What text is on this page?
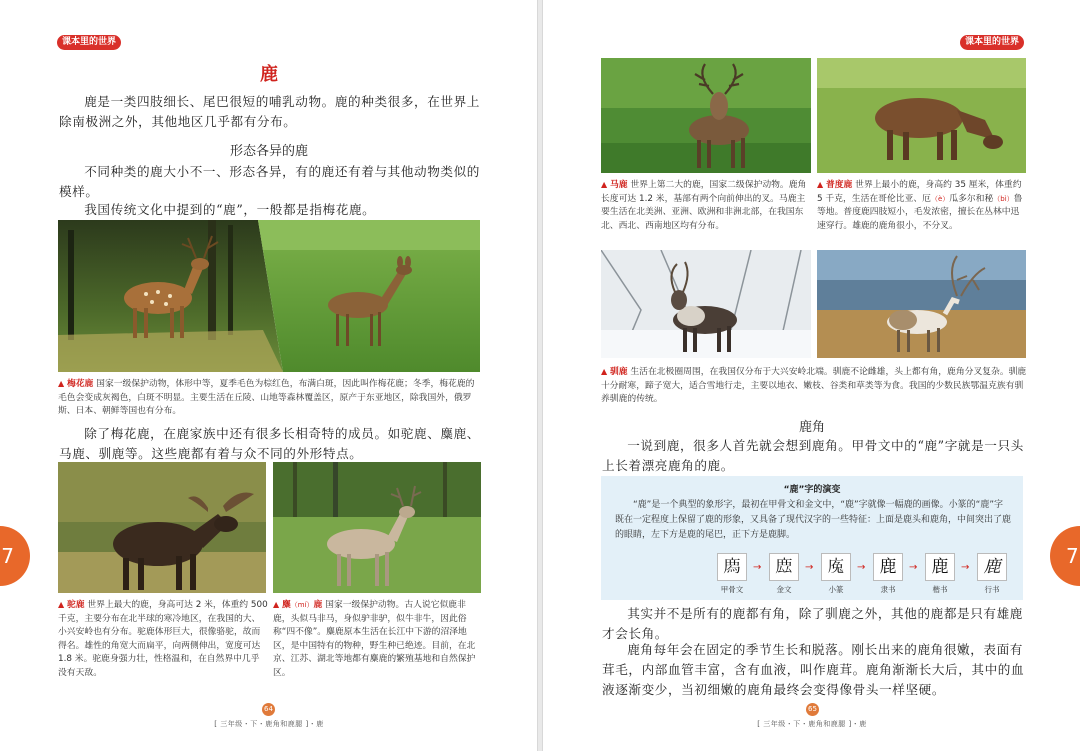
课本里的世界
鹿
鹿是一类四肢细长、尾巴很短的哺乳动物。鹿的种类很多，在世界上除南极洲之外，其他地区几乎都有分布。
形态各异的鹿
不同种类的鹿大小不一、形态各异，有的鹿还有着与其他动物类似的模样。
我国传统文化中提到的“鹿”，一般都是指梅花鹿。
▲ 梅花鹿 国家一级保护动物，体形中等，夏季毛色为棕红色，布满白斑，因此叫作梅花鹿；冬季，梅花鹿的毛色会变成灰褐色，白斑不明显。主要生活在丘陵、山地等森林覆盖区，原产于东亚地区，除我国外，俄罗斯、日本、朝鲜等国也有分布。
除了梅花鹿，在鹿家族中还有很多长相奇特的成员。如驼鹿、麋鹿、马鹿、驯鹿等。这些鹿都有着与众不同的外形特点。
▲ 驼鹿 世界上最大的鹿，身高可达 2 米，体重约 500 千克，主要分布在北半球的寒冷地区，在我国的大、小兴安岭也有分布。驼鹿体形巨大，很像骆驼，故而得名。雄性的角宽大而扁平，向两侧伸出，宽度可达 1.8 米。驼鹿身强力壮，性格温和，在自然界中几乎没有天敌。
▲ 麋（mí）鹿 国家一级保护动物。古人说它似鹿非鹿，头似马非马，身似驴非驴，似牛非牛，因此俗称“四不像”。麋鹿原本生活在长江中下游的沼泽地区，是中国特有的物种，野生种已绝迹。目前，在北京、江苏、湖北等地都有麋鹿的繁殖基地和自然保护区。
64
[ 三年级・下・鹿角和鹿腿 ]・鹿
7
课本里的世界
▲ 马鹿 世界上第二大的鹿，国家二级保护动物。鹿角长度可达 1.2 米，基部有两个向前伸出的叉。马鹿主要生活在北美洲、亚洲、欧洲和非洲北部，在我国东北、西北、西南地区均有分布。
▲ 普度鹿 世界上最小的鹿，身高约 35 厘米，体重约 5 千克，生活在哥伦比亚、厄（è）瓜多尔和秘（bì）鲁等地。普度鹿四肢短小，毛发浓密，擅长在丛林中迅速穿行。雄鹿的鹿角很小，不分叉。
▲ 驯鹿 生活在北极圈周围，在我国仅分布于大兴安岭北端。驯鹿不论雌雄，头上都有角，鹿角分叉复杂。驯鹿十分耐寒，蹄子宽大，适合雪地行走，主要以地衣、嫩枝、谷类和草类等为食。我国的少数民族鄂温克族有驯养驯鹿的传统。
鹿角
一说到鹿，很多人首先就会想到鹿角。甲骨文中的“鹿”字就是一只头上长着漂亮鹿角的鹿。
“鹿”字的演变
“鹿”是一个典型的象形字，最初在甲骨文和金文中，“鹿”字就像一幅鹿的画像。小篆的“鹿”字既在一定程度上保留了鹿的形象，又具备了现代汉字的一些特征：上面是鹿头和鹿角，中间突出了鹿的眼睛，左下方是鹿的尾巴，正下方是鹿脚。
𢊁
甲骨文
→ 𢉖
金文
→ 𢉕
小篆
→ 鹿
隶书
→ 鹿
楷书
→ 鹿
行书
其实并不是所有的鹿都有角，除了驯鹿之外，其他的鹿都是只有雄鹿才会长角。
鹿角每年会在固定的季节生长和脱落。刚长出来的鹿角很嫩，表面有茸毛，内部血管丰富，含有血液，叫作鹿茸。鹿角渐渐长大后，其中的血液逐渐变少，当初细嫩的鹿角最终会变得像骨头一样坚硬。
65
[ 三年级・下・鹿角和鹿腿 ]・鹿
7
